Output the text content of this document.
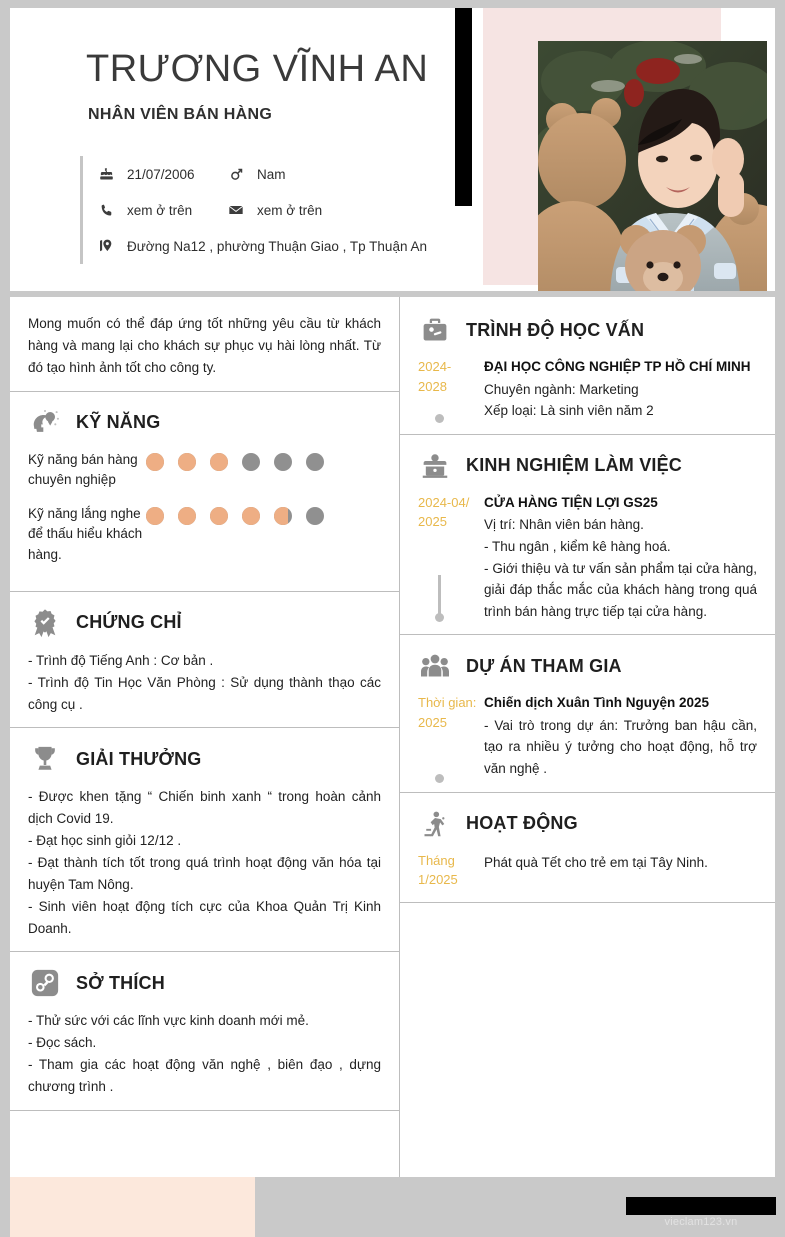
TRƯƠNG VĨNH AN
NHÂN VIÊN BÁN HÀNG
21/07/2006	Nam
xem ở trên	xem ở trên
Đường Na12 , phường Thuận Giao , Tp Thuận An
Mong muốn có thể đáp ứng tốt những yêu cầu từ khách hàng và mang lại cho khách sự phục vụ hài lòng nhất. Từ đó tạo hình ảnh tốt cho công ty.
KỸ NĂNG
Kỹ năng bán hàng chuyên nghiệp
Kỹ năng lắng nghe để thấu hiểu khách hàng.
CHỨNG CHỈ
- Trình độ Tiếng Anh : Cơ bản .
- Trình độ Tin Học Văn Phòng : Sử dụng thành thạo các công cụ .
GIẢI THƯỞNG
- Được khen tặng “ Chiến binh xanh “ trong hoàn cảnh dịch Covid 19.
- Đạt học sinh giỏi 12/12 .
- Đạt thành tích tốt trong quá trình hoạt động văn hóa tại huyện Tam Nông.
- Sinh viên hoạt động tích cực của Khoa Quản Trị Kinh Doanh.
SỞ THÍCH
- Thử sức với các lĩnh vực kinh doanh mới mẻ.
- Đọc sách.
- Tham gia các hoạt động văn nghệ , biên đạo , dựng chương trình .
TRÌNH ĐỘ HỌC VẤN
2024-2028
ĐẠI HỌC CÔNG NGHIỆP TP HỒ CHÍ MINH
Chuyên ngành: Marketing
Xếp loại: Là sinh viên năm 2
KINH NGHIỆM LÀM VIỆC
2024-04/ 2025
CỬA HÀNG TIỆN LỢI GS25
Vị trí: Nhân viên bán hàng.
- Thu ngân , kiểm kê hàng hoá.
- Giới thiệu và tư vấn sản phẩm tại cửa hàng, giải đáp thắc mắc của khách hàng trong quá trình bán hàng trực tiếp tại cửa hàng.
DỰ ÁN THAM GIA
Thời gian: 2025
Chiến dịch Xuân Tình Nguyện 2025
- Vai trò trong dự án: Trưởng ban hậu cần, tạo ra nhiều ý tưởng cho hoạt động, hỗ trợ văn nghệ .
HOẠT ĐỘNG
Tháng 1/2025
Phát quà Tết cho trẻ em tại Tây Ninh.
vieclam123.vn
